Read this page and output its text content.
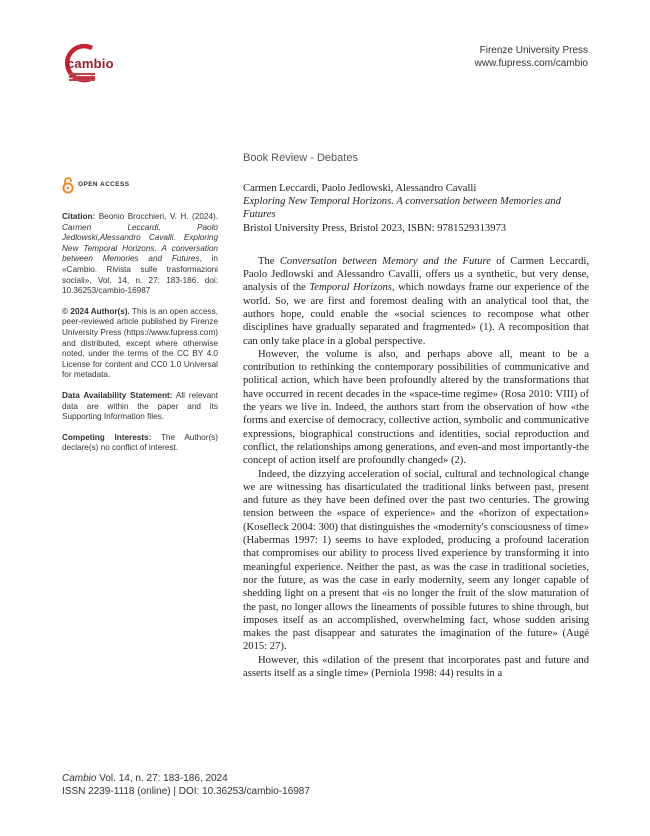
cambio
Firenze University Press
www.fupress.com/cambio
Book Review - Debates
OPEN ACCESS
Citation: Beonio Brocchieri, V. H. (2024). Carmen Leccardi, Paolo Jedlowski,Alessandro Cavalli. Exploring New Temporal Horizons. A conversation between Memories and Futures, in «Cambio. Rivista sulle trasformazioni sociali», Vol. 14, n. 27: 183-186. doi: 10.36253/cambio-16987
© 2024 Author(s). This is an open access, peer-reviewed article published by Firenze University Press (https://www.fupress.com) and distributed, except where otherwise noted, under the terms of the CC BY 4.0 License for content and CC0 1.0 Universal for metadata.
Data Availability Statement: All relevant data are within the paper and its Supporting Information files.
Competing Interests: The Author(s) declare(s) no conflict of interest.
Carmen Leccardi, Paolo Jedlowski, Alessandro Cavalli
Exploring New Temporal Horizons. A conversation between Memories and Futures
Bristol University Press, Bristol 2023, ISBN: 9781529313973

The Conversation between Memory and the Future of Carmen Leccardi, Paolo Jedlowski and Alessandro Cavalli, offers us a synthetic, but very dense, analysis of the Temporal Horizons, which nowdays frame our experience of the world. So, we are first and foremost dealing with an analytical tool that, the authors hope, could enable the «social sciences to recompose what other disciplines have gradually separated and fragmented» (1). A recomposition that can only take place in a global perspective.

However, the volume is also, and perhaps above all, meant to be a contribution to rethinking the contemporary possibilities of communicative and political action, which have been profoundly altered by the transformations that have occurred in recent decades in the «space-time regime» (Rosa 2010: VIII) of the years we live in. Indeed, the authors start from the observation of how «the forms and exercise of democracy, collective action, symbolic and communicative expressions, biographical constructions and identities, social reproduction and conflict, the relationships among generations, and even-and most importantly-the concept of action itself are profoundly changed» (2).

Indeed, the dizzying acceleration of social, cultural and technological change we are witnessing has disarticulated the traditional links between past, present and future as they have been defined over the past two centuries. The growing tension between the «space of experience» and the «horizon of expectation» (Koselleck 2004: 300) that distinguishes the «modernity's consciousness of time» (Habermas 1997: 1) seems to have exploded, producing a profound laceration that compromises our ability to process lived experience by transforming it into meaningful experience. Neither the past, as was the case in traditional societies, nor the future, as was the case in early modernity, seem any longer capable of shedding light on a present that «is no longer the fruit of the slow maturation of the past, no longer allows the lineaments of possible futures to shine through, but imposes itself as an accomplished, overwhelming fact, whose sudden arising makes the past disappear and saturates the imagination of the future» (Augé 2015: 27).

However, this «dilation of the present that incorporates past and future and asserts itself as a single time» (Perniola 1998: 44) results in a

Cambio Vol. 14, n. 27: 183-186, 2024
ISSN 2239-1118 (online) | DOI: 10.36253/cambio-16987
